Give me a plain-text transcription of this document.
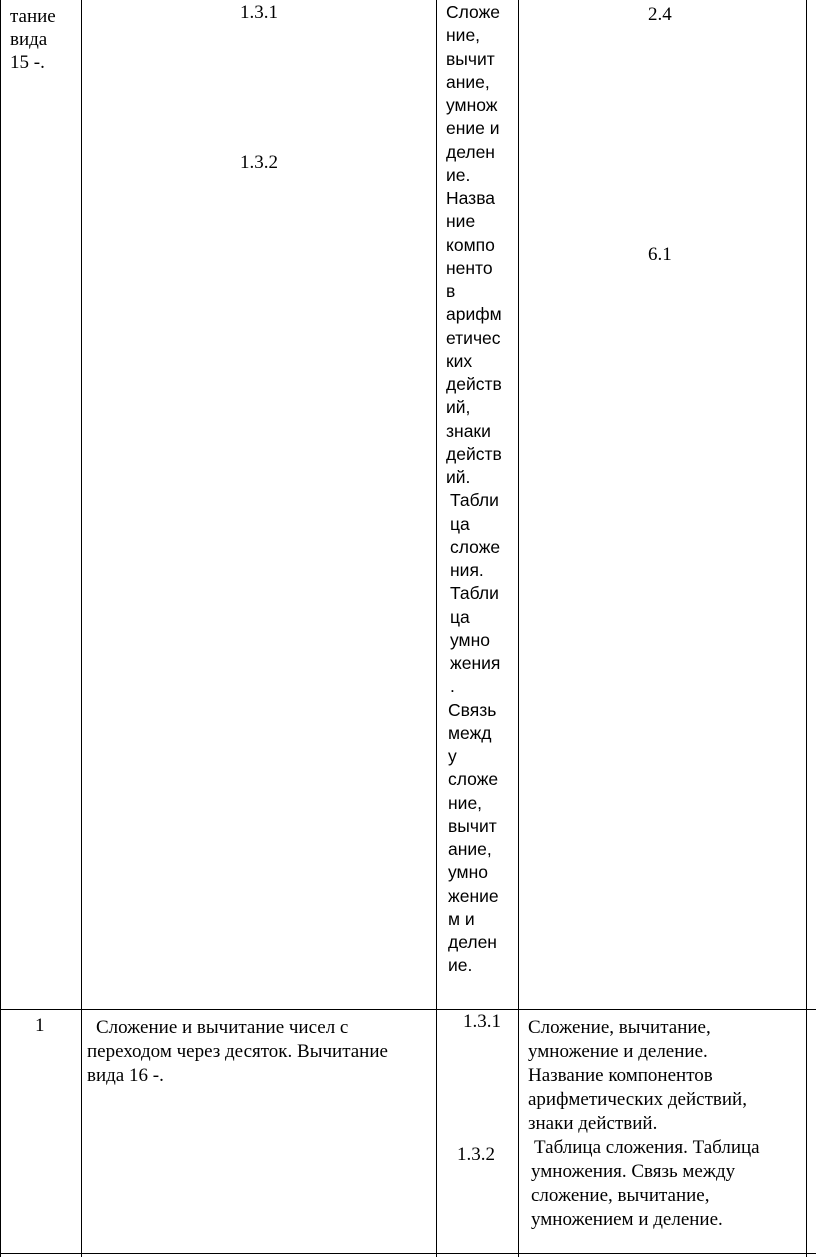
тание
вида
15 -.
1.3.1
1.3.2
Сложе
ние,
вычит
ание,
умнож
ение и
делен
ие.
Назва
ние
компо
ненто
в
арифм
етичес
ких
действ
ий,
знаки
действ
ий.
Табли
ца
сложе
ния.
Табли
ца
умно
жения
.
Связь
межд
у
сложе
ние,
вычит
ание,
умно
жение
м и
делен
ие.
2.4
6.1
1	Сложение и вычитание чисел с
переходом через десяток. Вычитание
вида 16 -.
1.3.1
1.3.2
Сложение, вычитание,
умножение и деление.
Название компонентов
арифметических действий,
знаки действий.
Таблица сложения. Таблица
умножения. Связь между
сложение, вычитание,
умножением и деление.
